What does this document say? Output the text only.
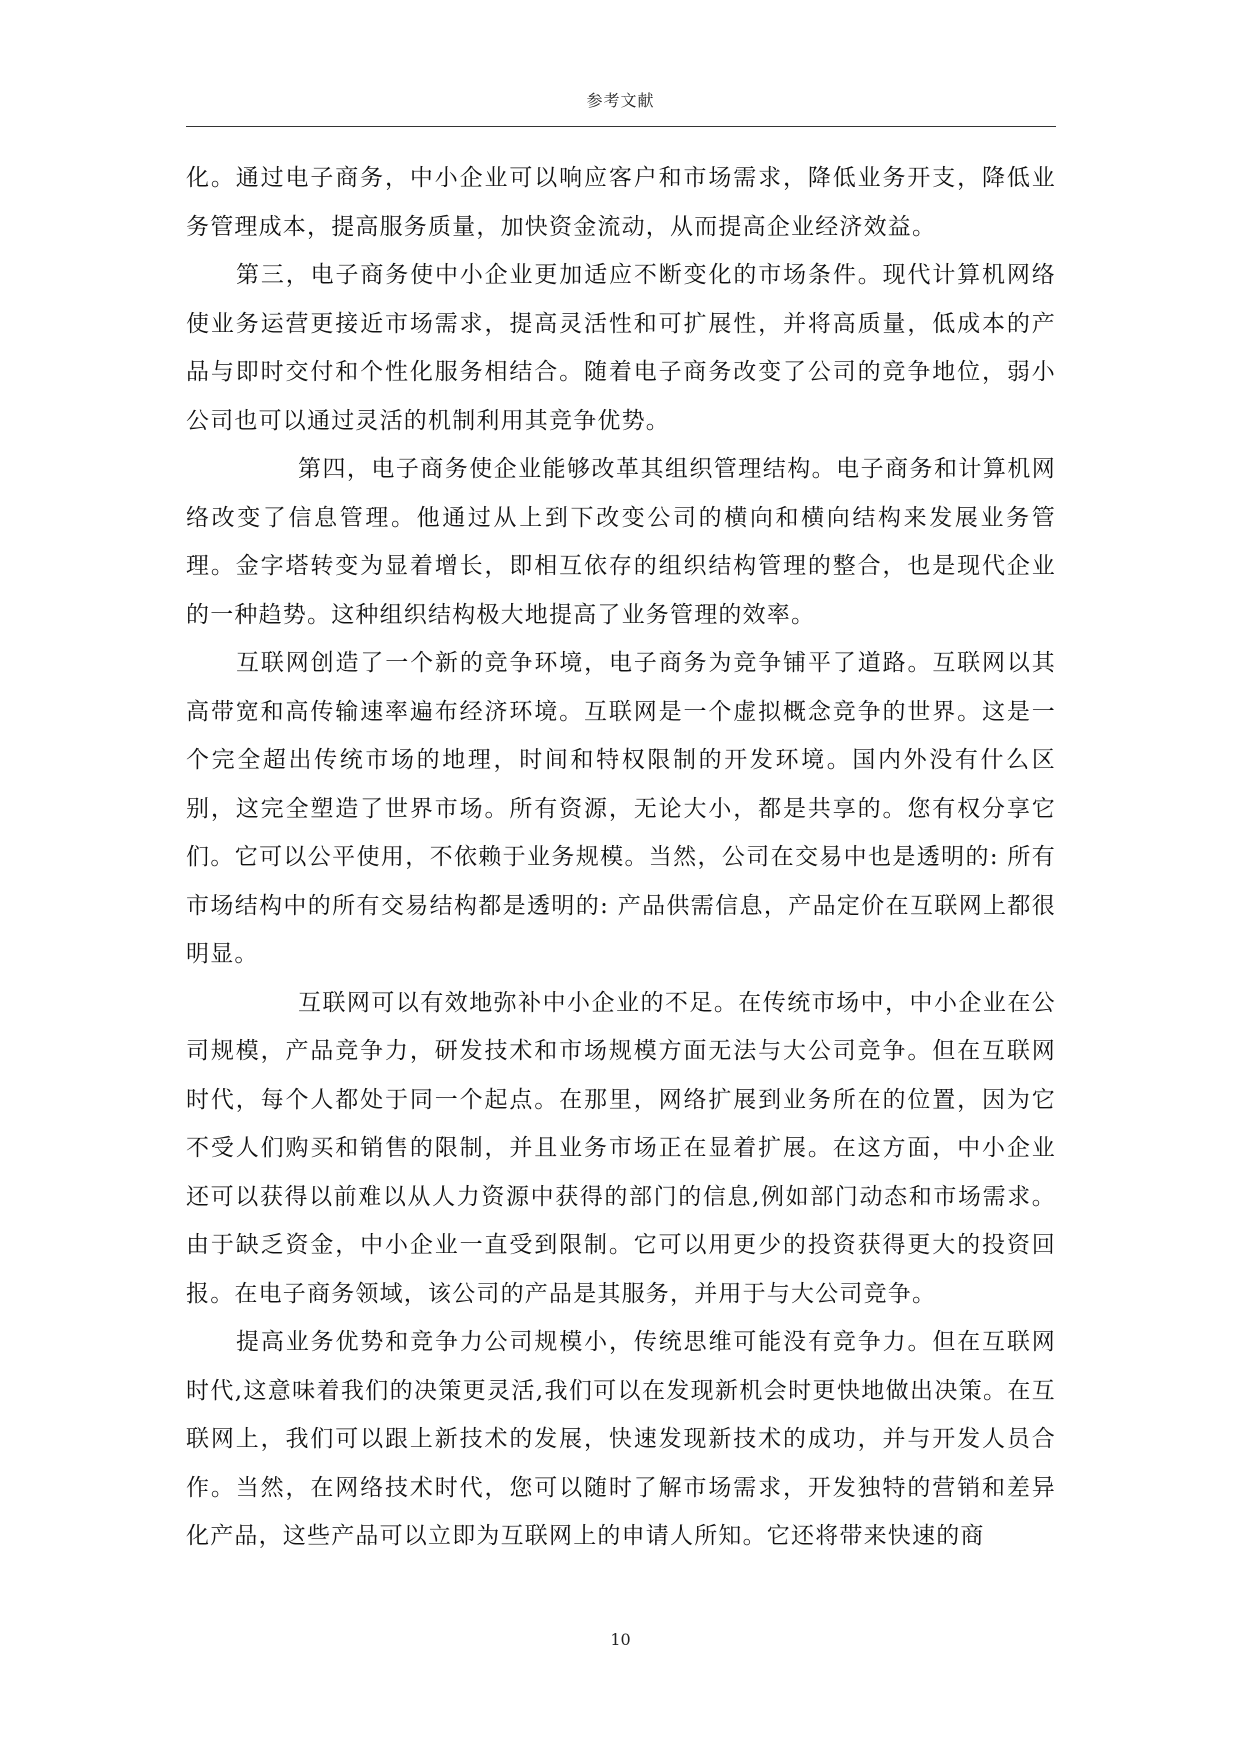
参考文献

化。通过电子商务，中小企业可以响应客户和市场需求，降低业务开支，降低业务管理成本，提高服务质量，加快资金流动，从而提高企业经济效益。

第三，电子商务使中小企业更加适应不断变化的市场条件。现代计算机网络使业务运营更接近市场需求，提高灵活性和可扩展性，并将高质量，低成本的产品与即时交付和个性化服务相结合。随着电子商务改变了公司的竞争地位，弱小公司也可以通过灵活的机制利用其竞争优势。

第四，电子商务使企业能够改革其组织管理结构。电子商务和计算机网络改变了信息管理。他通过从上到下改变公司的横向和横向结构来发展业务管理。金字塔转变为显着增长，即相互依存的组织结构管理的整合，也是现代企业的一种趋势。这种组织结构极大地提高了业务管理的效率。

互联网创造了一个新的竞争环境，电子商务为竞争铺平了道路。互联网以其高带宽和高传输速率遍布经济环境。互联网是一个虚拟概念竞争的世界。这是一个完全超出传统市场的地理，时间和特权限制的开发环境。国内外没有什么区别，这完全塑造了世界市场。所有资源，无论大小，都是共享的。您有权分享它们。它可以公平使用，不依赖于业务规模。当然，公司在交易中也是透明的: 所有市场结构中的所有交易结构都是透明的: 产品供需信息，产品定价在互联网上都很明显。

互联网可以有效地弥补中小企业的不足。在传统市场中，中小企业在公司规模，产品竞争力，研发技术和市场规模方面无法与大公司竞争。但在互联网时代，每个人都处于同一个起点。在那里，网络扩展到业务所在的位置，因为它不受人们购买和销售的限制，并且业务市场正在显着扩展。在这方面，中小企业还可以获得以前难以从人力资源中获得的部门的信息,例如部门动态和市场需求。由于缺乏资金，中小企业一直受到限制。它可以用更少的投资获得更大的投资回报。在电子商务领域，该公司的产品是其服务，并用于与大公司竞争。

提高业务优势和竞争力公司规模小，传统思维可能没有竞争力。但在互联网时代,这意味着我们的决策更灵活,我们可以在发现新机会时更快地做出决策。在互联网上，我们可以跟上新技术的发展，快速发现新技术的成功，并与开发人员合作。当然，在网络技术时代，您可以随时了解市场需求，开发独特的营销和差异化产品，这些产品可以立即为互联网上的申请人所知。它还将带来快速的商

10
